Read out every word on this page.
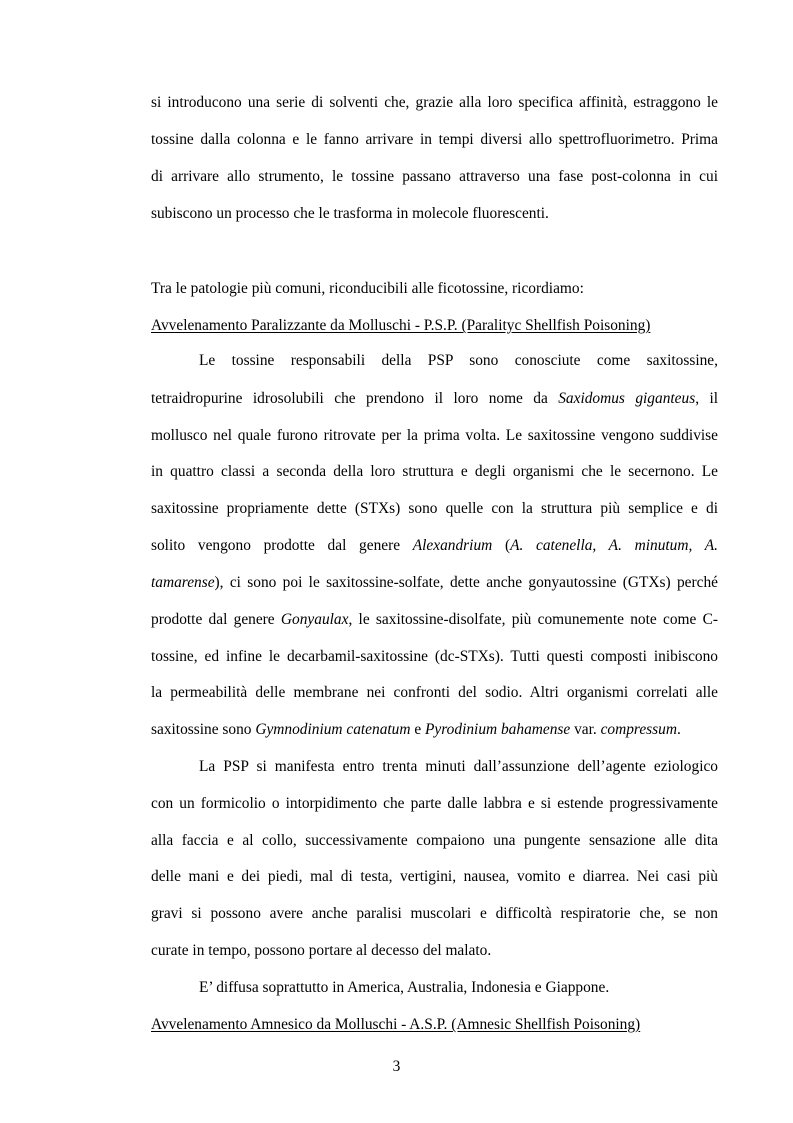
si introducono una serie di solventi che, grazie alla loro specifica affinità, estraggono le
tossine dalla colonna e le fanno arrivare in tempi diversi allo spettrofluorimetro. Prima
di arrivare allo strumento, le tossine passano attraverso una fase post-colonna in cui
subiscono un processo che le trasforma in molecole fluorescenti.
Tra le patologie più comuni, riconducibili alle ficotossine, ricordiamo:
Avvelenamento Paralizzante da Molluschi - P.S.P. (Paralityc Shellfish Poisoning)
Le tossine responsabili della PSP sono conosciute come saxitossine,
tetraidropurine idrosolubili che prendono il loro nome da Saxidomus giganteus, il
mollusco nel quale furono ritrovate per la prima volta. Le saxitossine vengono suddivise
in quattro classi a seconda della loro struttura e degli organismi che le secernono. Le
saxitossine propriamente dette (STXs) sono quelle con la struttura più semplice e di
solito vengono prodotte dal genere Alexandrium (A. catenella, A. minutum, A.
tamarense), ci sono poi le saxitossine-solfate, dette anche gonyautossine (GTXs) perché
prodotte dal genere Gonyaulax, le saxitossine-disolfate, più comunemente note come C-
tossine, ed infine le decarbamil-saxitossine (dc-STXs). Tutti questi composti inibiscono
la permeabilità delle membrane nei confronti del sodio. Altri organismi correlati alle
saxitossine sono Gymnodinium catenatum e Pyrodinium bahamense var. compressum.
La PSP si manifesta entro trenta minuti dall’assunzione dell’agente eziologico
con un formicolio o intorpidimento che parte dalle labbra e si estende progressivamente
alla faccia e al collo, successivamente compaiono una pungente sensazione alle dita
delle mani e dei piedi, mal di testa, vertigini, nausea, vomito e diarrea. Nei casi più
gravi si possono avere anche paralisi muscolari e difficoltà respiratorie che, se non
curate in tempo, possono portare al decesso del malato.
E’ diffusa soprattutto in America, Australia, Indonesia e Giappone.
Avvelenamento Amnesico da Molluschi - A.S.P. (Amnesic Shellfish Poisoning)
3
